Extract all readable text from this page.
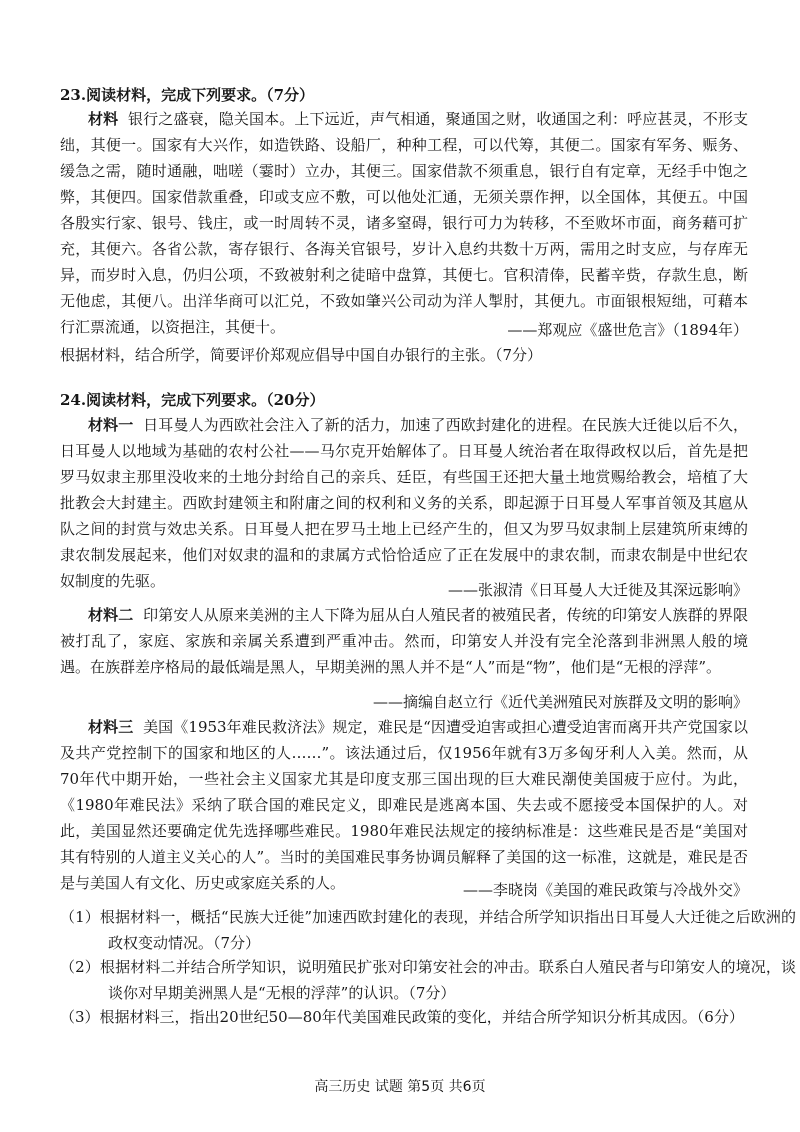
23.阅读材料，完成下列要求。（7分）
材料 银行之盛衰，隐关国本。上下远近，声气相通，聚通国之财，收通国之利：呼应甚灵，不形支绌，其便一。国家有大兴作，如造铁路、设船厂，种种工程，可以代筹，其便二。国家有军务、赈务、缓急之需，随时通融，咄嗟（霎时）立办，其便三。国家借款不须重息，银行自有定章，无经手中饱之弊，其便四。国家借款重叠，印或支应不敷，可以他处汇通，无须关票作押，以全国体，其便五。中国各殷实行家、银号、钱庄，或一时周转不灵，诸多窒碍，银行可力为转移，不至败坏市面，商务藉可扩充，其便六。各省公款，寄存银行、各海关官银号，岁计入息约共数十万两，需用之时支应，与存库无异，而岁时入息，仍归公项，不致被射利之徒暗中盘算，其便七。官积清俸，民蓄辛赀，存款生息，断无他虑，其便八。出洋华商可以汇兑，不致如肇兴公司动为洋人掣肘，其便九。市面银根短绌，可藉本行汇票流通，以资挹注，其便十。	——郑观应《盛世危言》（1894年）
根据材料，结合所学，简要评价郑观应倡导中国自办银行的主张。（7分）
24.阅读材料，完成下列要求。（20分）
材料一 日耳曼人为西欧社会注入了新的活力，加速了西欧封建化的进程。在民族大迁徙以后不久，日耳曼人以地域为基础的农村公社——马尔克开始解体了。日耳曼人统治者在取得政权以后，首先是把罗马奴隶主那里没收来的土地分封给自己的亲兵、廷臣，有些国王还把大量土地赏赐给教会，培植了大批教会大封建主。西欧封建领主和附庸之间的权利和义务的关系，即起源于日耳曼人军事首领及其扈从队之间的封赏与效忠关系。日耳曼人把在罗马土地上已经产生的，但又为罗马奴隶制上层建筑所束缚的隶农制发展起来，他们对奴隶的温和的隶属方式恰恰适应了正在发展中的隶农制，而隶农制是中世纪农奴制度的先驱。	——张淑清《日耳曼人大迁徙及其深远影响》
材料二 印第安人从原来美洲的主人下降为屈从白人殖民者的被殖民者，传统的印第安人族群的界限被打乱了，家庭、家族和亲属关系遭到严重冲击。然而，印第安人并没有完全沦落到非洲黑人般的境遇。在族群差序格局的最低端是黑人，早期美洲的黑人并不是“人”而是“物”，他们是“无根的浮萍”。
——摘编自赵立行《近代美洲殖民对族群及文明的影响》
材料三 美国《1953年难民救济法》规定，难民是“因遭受迫害或担心遭受迫害而离开共产党国家以及共产党控制下的国家和地区的人……”。该法通过后，仅1956年就有3万多匈牙利人入美。然而，从70年代中期开始，一些社会主义国家尤其是印度支那三国出现的巨大难民潮使美国疲于应付。为此，《1980年难民法》采纳了联合国的难民定义，即难民是逃离本国、失去或不愿接受本国保护的人。对此，美国显然还要确定优先选择哪些难民。1980年难民法规定的接纳标准是：这些难民是否是“美国对其有特别的人道主义关心的人”。当时的美国难民事务协调员解释了美国的这一标准，这就是，难民是否是与美国人有文化、历史或家庭关系的人。	——李晓岗《美国的难民政策与冷战外交》
（1）根据材料一，概括“民族大迁徙”加速西欧封建化的表现，并结合所学知识指出日耳曼人大迁徙之后欧洲的政权变动情况。（7分）
（2）根据材料二并结合所学知识，说明殖民扩张对印第安社会的冲击。联系白人殖民者与印第安人的境况，谈谈你对早期美洲黑人是“无根的浮萍”的认识。（7分）
（3）根据材料三，指出20世纪50—80年代美国难民政策的变化，并结合所学知识分析其成因。（6分）
高三历史 试题 第5页 共6页
